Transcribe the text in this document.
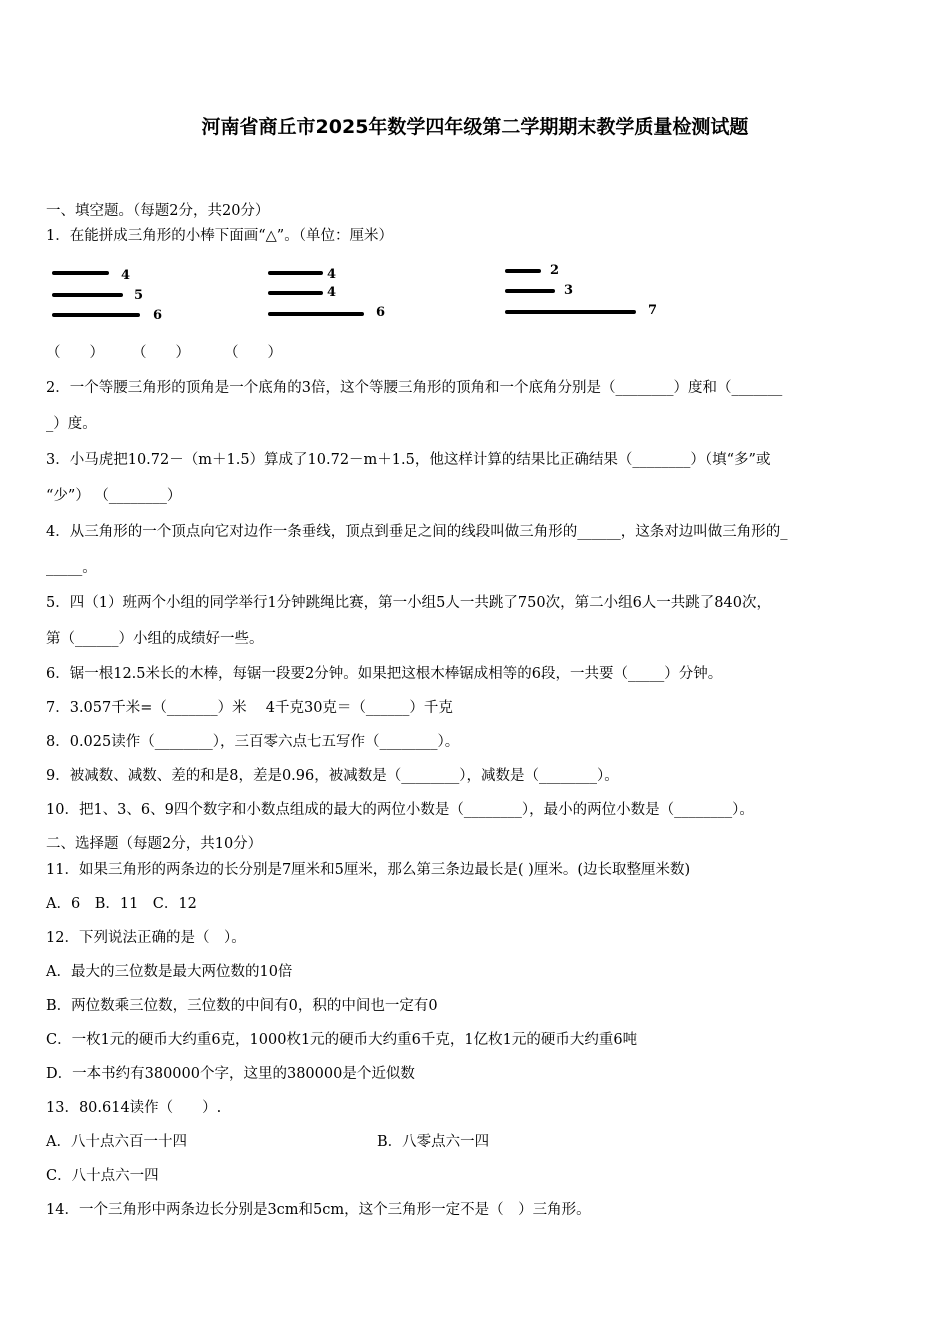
河南省商丘市2025年数学四年级第二学期期末教学质量检测试题
一、填空题。（每题2分，共20分）
1．在能拼成三角形的小棒下面画“△”。（单位：厘米）
4
5
6
4
4
6
2
3
7
（　　） （　　） （　　）
2．一个等腰三角形的顶角是一个底角的3倍，这个等腰三角形的顶角和一个底角分别是（________）度和（_______
_）度。
3．小马虎把10.72－（m＋1.5）算成了10.72－m＋1.5，他这样计算的结果比正确结果（________）（填“多”或
“少”） （________）
4．从三角形的一个顶点向它对边作一条垂线，顶点到垂足之间的线段叫做三角形的______，这条对边叫做三角形的_
_____。
5．四（1）班两个小组的同学举行1分钟跳绳比赛，第一小组5人一共跳了750次，第二小组6人一共跳了840次，
第（______）小组的成绩好一些。
6．锯一根12.5米长的木棒，每锯一段要2分钟。如果把这根木棒锯成相等的6段，一共要（_____）分钟。
7．3.057千米=（_______）米　 4千克30克＝（______）千克
8．0.025读作（________），三百零六点七五写作（________）。
9．被减数、减数、差的和是8，差是0.96，被减数是（________），减数是（________）。
10．把1、3、6、9四个数字和小数点组成的最大的两位小数是（________），最小的两位小数是（________）。
二、选择题（每题2分，共10分）
11．如果三角形的两条边的长分别是7厘米和5厘米，那么第三条边最长是( )厘米。(边长取整厘米数)
A．6　B．11　C．12
12．下列说法正确的是（　）。
A．最大的三位数是最大两位数的10倍
B．两位数乘三位数，三位数的中间有0，积的中间也一定有0
C．一枚1元的硬币大约重6克，1000枚1元的硬币大约重6千克，1亿枚1元的硬币大约重6吨
D．一本书约有380000个字，这里的380000是个近似数
13．80.614读作（　　）.
A．八十点六百一十四	B．八零点六一四
C．八十点六一四
14．一个三角形中两条边长分别是3cm和5cm，这个三角形一定不是（　）三角形。
